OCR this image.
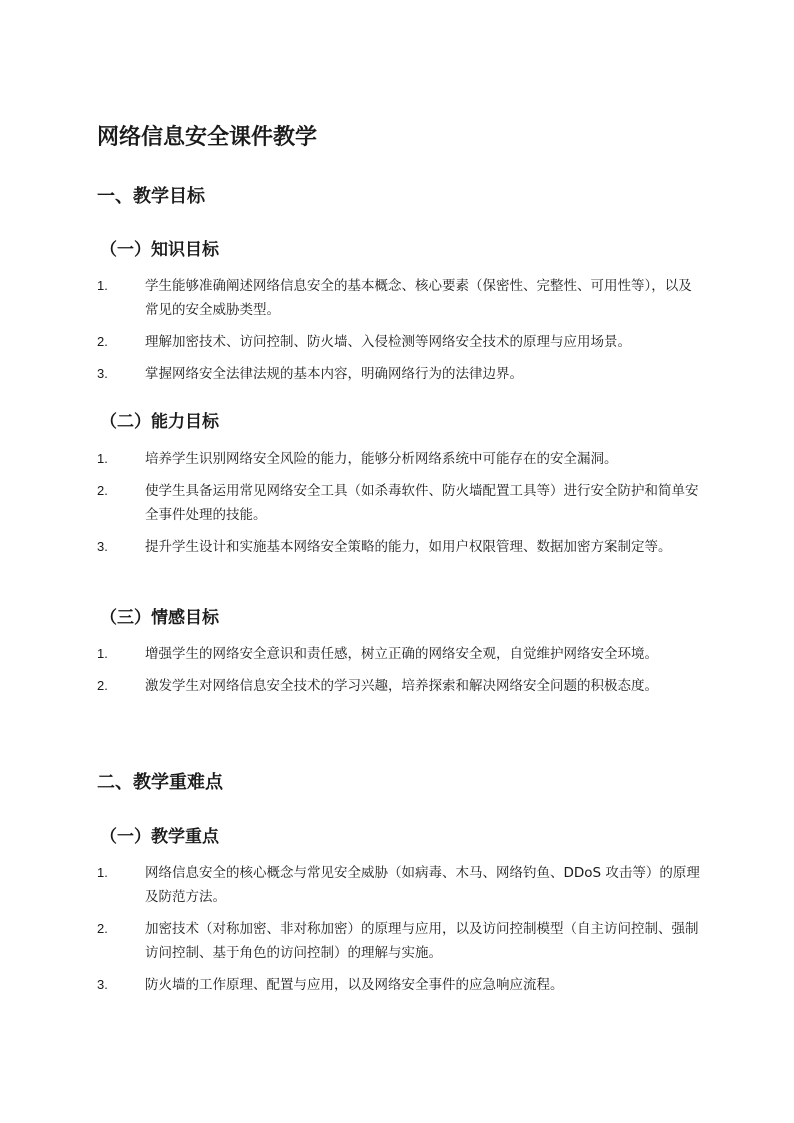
网络信息安全课件教学
一、教学目标
（一）知识目标
1.	学生能够准确阐述网络信息安全的基本概念、核心要素（保密性、完整性、可用性等），以及常见的安全威胁类型。
2.	理解加密技术、访问控制、防火墙、入侵检测等网络安全技术的原理与应用场景。
3.	掌握网络安全法律法规的基本内容，明确网络行为的法律边界。
（二）能力目标
1.	培养学生识别网络安全风险的能力，能够分析网络系统中可能存在的安全漏洞。
2.	使学生具备运用常见网络安全工具（如杀毒软件、防火墙配置工具等）进行安全防护和简单安全事件处理的技能。
3.	提升学生设计和实施基本网络安全策略的能力，如用户权限管理、数据加密方案制定等。
（三）情感目标
1.	增强学生的网络安全意识和责任感，树立正确的网络安全观，自觉维护网络安全环境。
2.	激发学生对网络信息安全技术的学习兴趣，培养探索和解决网络安全问题的积极态度。
二、教学重难点
（一）教学重点
1.	网络信息安全的核心概念与常见安全威胁（如病毒、木马、网络钓鱼、DDoS 攻击等）的原理及防范方法。
2.	加密技术（对称加密、非对称加密）的原理与应用，以及访问控制模型（自主访问控制、强制访问控制、基于角色的访问控制）的理解与实施。
3.	防火墙的工作原理、配置与应用，以及网络安全事件的应急响应流程。
